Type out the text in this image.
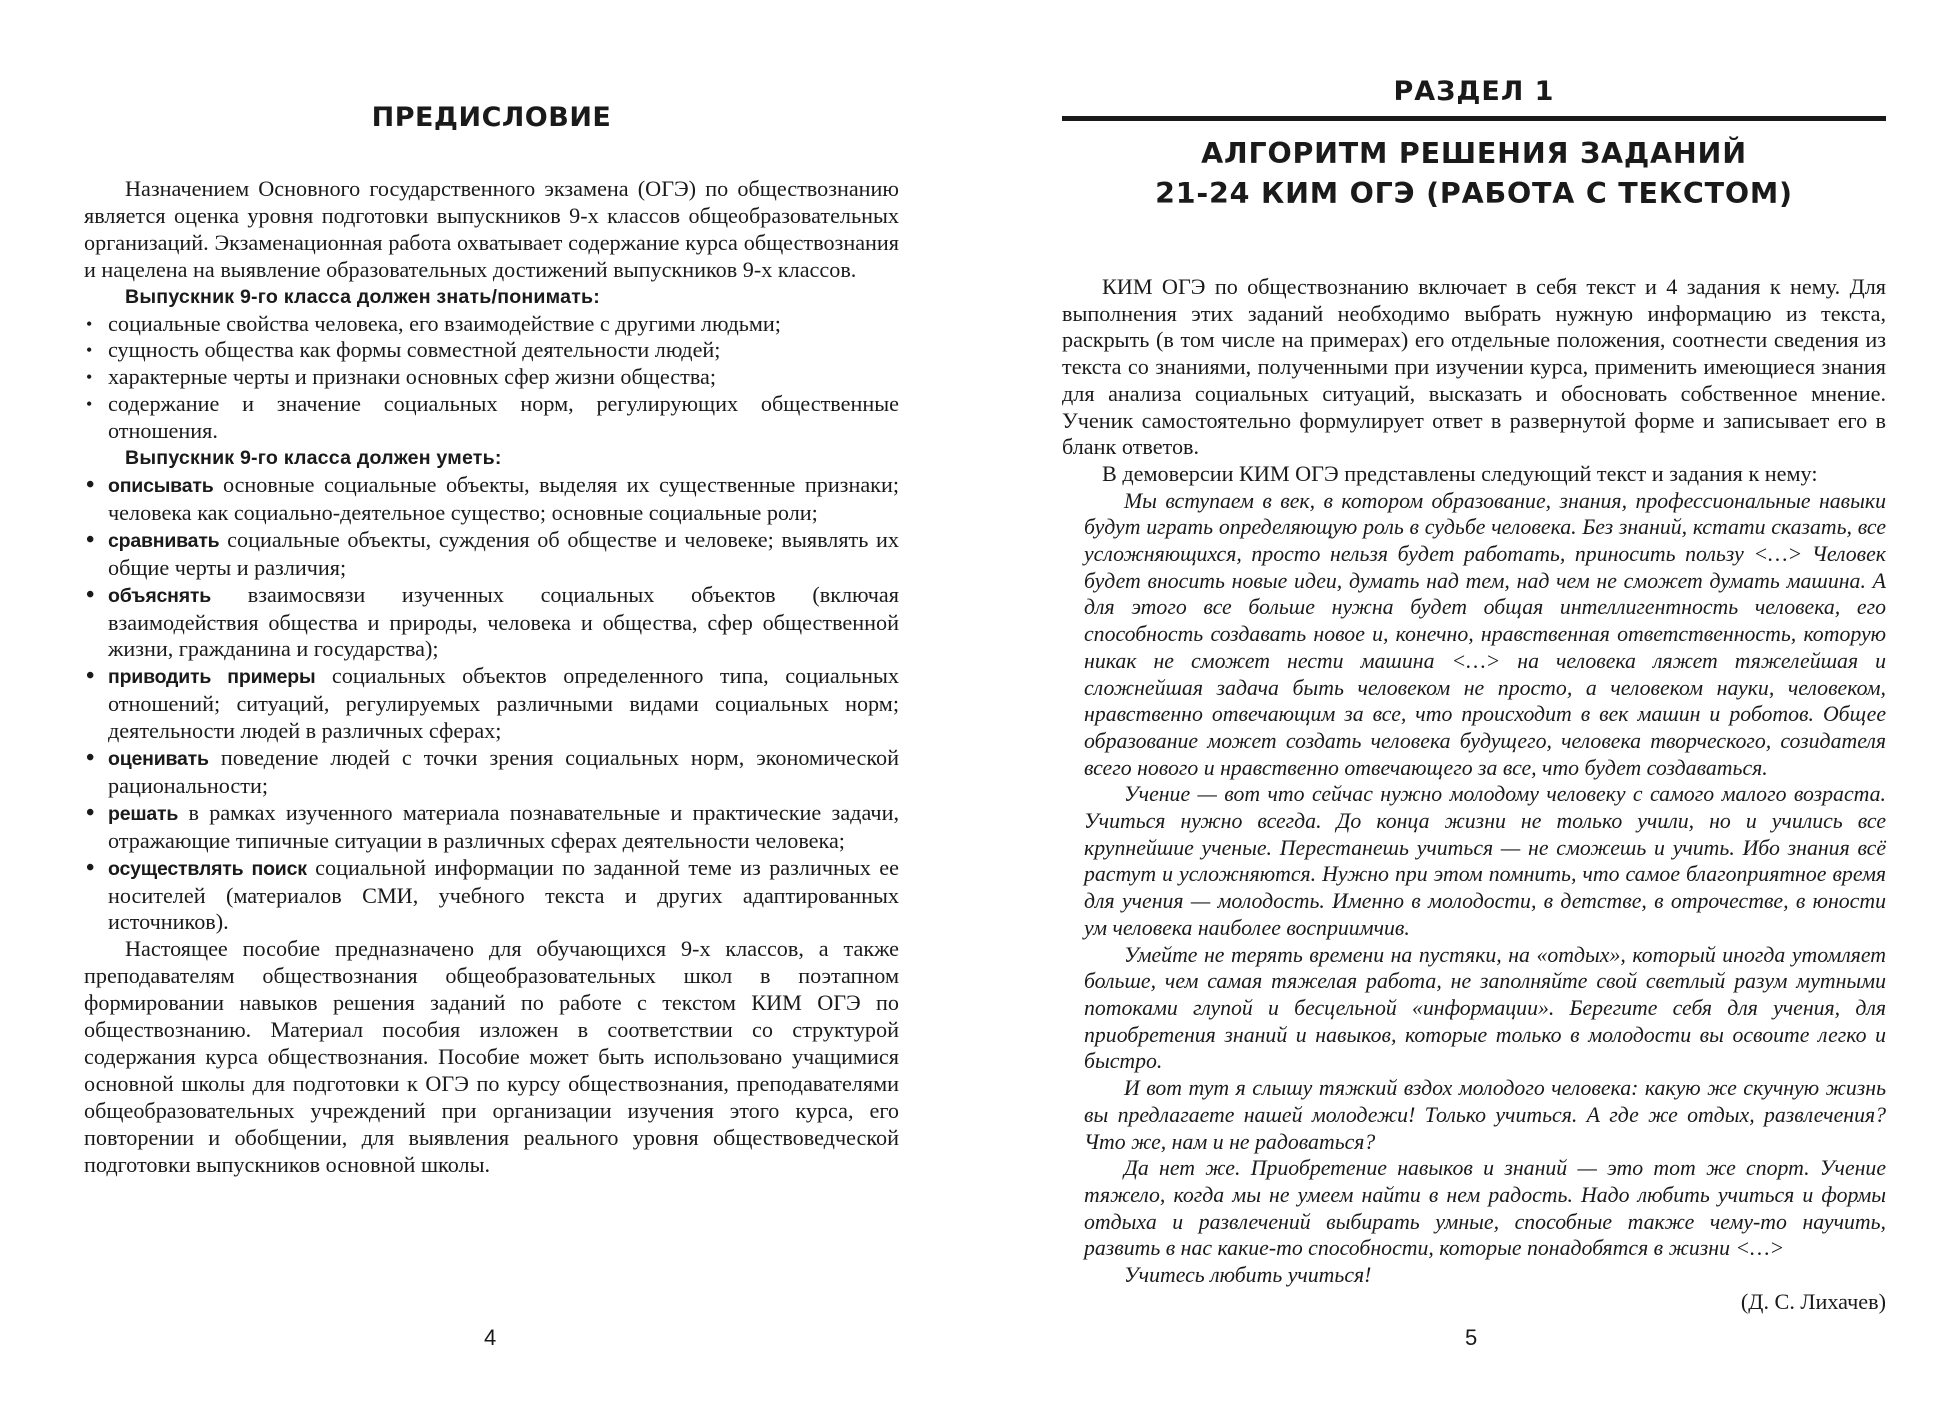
ПРЕДИСЛОВИЕ

Назначением Основного государственного экзамена (ОГЭ) по обществознанию является оценка уровня подготовки выпускников 9-х классов общеобразовательных организаций. Экзаменационная работа охватывает содержание курса обществознания и нацелена на выявление образовательных достижений выпускников 9-х классов.

Выпускник 9-го класса должен знать/понимать:
• социальные свойства человека, его взаимодействие с другими людьми;
• сущность общества как формы совместной деятельности людей;
• характерные черты и признаки основных сфер жизни общества;
• содержание и значение социальных норм, регулирующих общественные отношения.
Выпускник 9-го класса должен уметь:
• описывать основные социальные объекты, выделяя их существенные признаки; человека как социально-деятельное существо; основные социальные роли;
• сравнивать социальные объекты, суждения об обществе и человеке; выявлять их общие черты и различия;
• объяснять взаимосвязи изученных социальных объектов (включая взаимодействия общества и природы, человека и общества, сфер общественной жизни, гражданина и государства);
• приводить примеры социальных объектов определенного типа, социальных отношений; ситуаций, регулируемых различными видами социальных норм; деятельности людей в различных сферах;
• оценивать поведение людей с точки зрения социальных норм, экономической рациональности;
• решать в рамках изученного материала познавательные и практические задачи, отражающие типичные ситуации в различных сферах деятельности человека;
• осуществлять поиск социальной информации по заданной теме из различных ее носителей (материалов СМИ, учебного текста и других адаптированных источников).

Настоящее пособие предназначено для обучающихся 9-х классов, а также преподавателям обществознания общеобразовательных школ в поэтапном формировании навыков решения заданий по работе с текстом КИМ ОГЭ по обществознанию. Материал пособия изложен в соответствии со структурой содержания курса обществознания. Пособие может быть использовано учащимися основной школы для подготовки к ОГЭ по курсу обществознания, преподавателями общеобразовательных учреждений при организации изучения этого курса, его повторении и обобщении, для выявления реального уровня обществоведческой подготовки выпускников основной школы.

4
РАЗДЕЛ 1
АЛГОРИТМ РЕШЕНИЯ ЗАДАНИЙ
21-24 КИМ ОГЭ (РАБОТА С ТЕКСТОМ)

КИМ ОГЭ по обществознанию включает в себя текст и 4 задания к нему. Для выполнения этих заданий необходимо выбрать нужную информацию из текста, раскрыть (в том числе на примерах) его отдельные положения, соотнести сведения из текста со знаниями, полученными при изучении курса, применить имеющиеся знания для анализа социальных ситуаций, высказать и обосновать собственное мнение. Ученик самостоятельно формулирует ответ в развернутой форме и записывает его в бланк ответов.

В демоверсии КИМ ОГЭ представлены следующий текст и задания к нему:

Мы вступаем в век, в котором образование, знания, профессиональные навыки будут играть определяющую роль в судьбе человека. Без знаний, кстати сказать, все усложняющихся, просто нельзя будет работать, приносить пользу <…> Человек будет вносить новые идеи, думать над тем, над чем не сможет думать машина. А для этого все больше нужна будет общая интеллигентность человека, его способность создавать новое и, конечно, нравственная ответственность, которую никак не сможет нести машина <…> на человека ляжет тяжелейшая и сложнейшая задача быть человеком не просто, а человеком науки, человеком, нравственно отвечающим за все, что происходит в век машин и роботов. Общее образование может создать человека будущего, человека творческого, созидателя всего нового и нравственно отвечающего за все, что будет создаваться.

Учение — вот что сейчас нужно молодому человеку с самого малого возраста. Учиться нужно всегда. До конца жизни не только учили, но и учились все крупнейшие ученые. Перестанешь учиться — не сможешь и учить. Ибо знания всё растут и усложняются. Нужно при этом помнить, что самое благоприятное время для учения — молодость. Именно в молодости, в детстве, в отрочестве, в юности ум человека наиболее восприимчив.

Умейте не терять времени на пустяки, на «отдых», который иногда утомляет больше, чем самая тяжелая работа, не заполняйте свой светлый разум мутными потоками глупой и бесцельной «информации». Берегите себя для учения, для приобретения знаний и навыков, которые только в молодости вы освоите легко и быстро.

И вот тут я слышу тяжкий вздох молодого человека: какую же скучную жизнь вы предлагаете нашей молодежи! Только учиться. А где же отдых, развлечения? Что же, нам и не радоваться?

Да нет же. Приобретение навыков и знаний — это тот же спорт. Учение тяжело, когда мы не умеем найти в нем радость. Надо любить учиться и формы отдыха и развлечений выбирать умные, способные также чему-то научить, развить в нас какие-то способности, которые понадобятся в жизни <…>

Учитесь любить учиться!

(Д. С. Лихачев)

5
